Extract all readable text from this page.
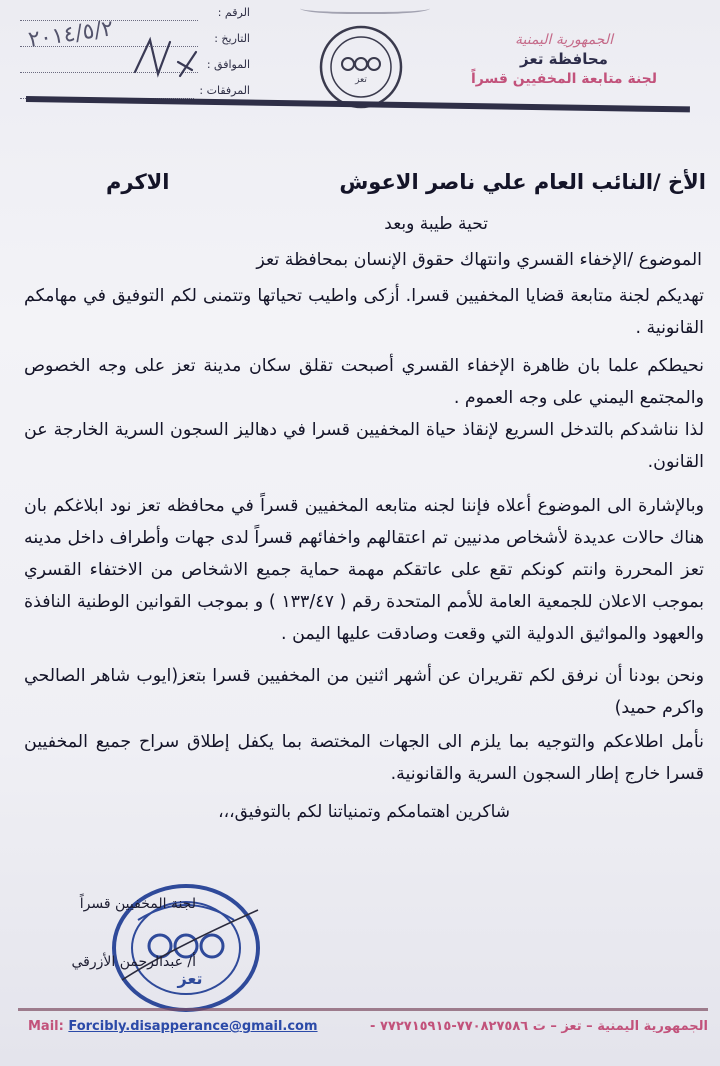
الرقم :
التاريخ :
الموافق :
المرفقات :
٢٠١٤/٥/٢
تعز
الجمهورية اليمنية
محافظة تعز
لجنة متابعة المخفيين قسراً
الأخ /النائب العام علي ناصر الاعوش
الاكرم
تحية طيبة وبعد

الموضوع /الإخفاء القسري وانتهاك حقوق الإنسان بمحافظة تعز

تهديكم لجنة متابعة قضايا المخفيين قسرا. أزكى واطيب تحياتها وتتمنى لكم التوفيق في مهامكم القانونية .

نحيطكم علما بان ظاهرة الإخفاء القسري أصبحت تقلق سكان مدينة تعز على وجه الخصوص والمجتمع اليمني على وجه العموم .

لذا نناشدكم بالتدخل السريع لإنقاذ حياة المخفيين قسرا في دهاليز السجون السرية الخارجة عن القانون.

وبالإشارة الى الموضوع أعلاه فإننا لجنه متابعه المخفيين قسراً في محافظه تعز نود ابلاغكم بان هناك حالات عديدة لأشخاص مدنيين تم اعتقالهم واخفائهم قسراً لدى جهات وأطراف داخل مدينه تعز المحررة وانتم كونكم تقع على عاتقكم مهمة حماية جميع الاشخاص من الاختفاء القسري بموجب الاعلان للجمعية العامة للأمم المتحدة رقم ( ١٣٣/٤٧ ) و بموجب القوانين الوطنية النافذة والعهود والمواثيق الدولية التي وقعت وصادقت عليها اليمن .

ونحن بودنا أن نرفق لكم تقريران عن أشهر اثنين من المخفيين قسرا بتعز(ايوب شاهر الصالحي واكرم حميد)

نأمل اطلاعكم والتوجيه بما يلزم الى الجهات المختصة بما يكفل إطلاق سراح جميع المخفيين قسرا خارج إطار السجون السرية والقانونية.

شاكرين اهتمامكم وتمنياتنا لكم بالتوفيق،،،
تعز
لجنة المخفيين قسراً
أ/ عبدالرحمن الأزرقي
الجمهورية اليمنية – تعز – ت ٧٧٠٨٢٧٥٨٦-٧٧٢٧١٥٩١٥ -
Mail: Forcibly.disapperance@gmail.com
